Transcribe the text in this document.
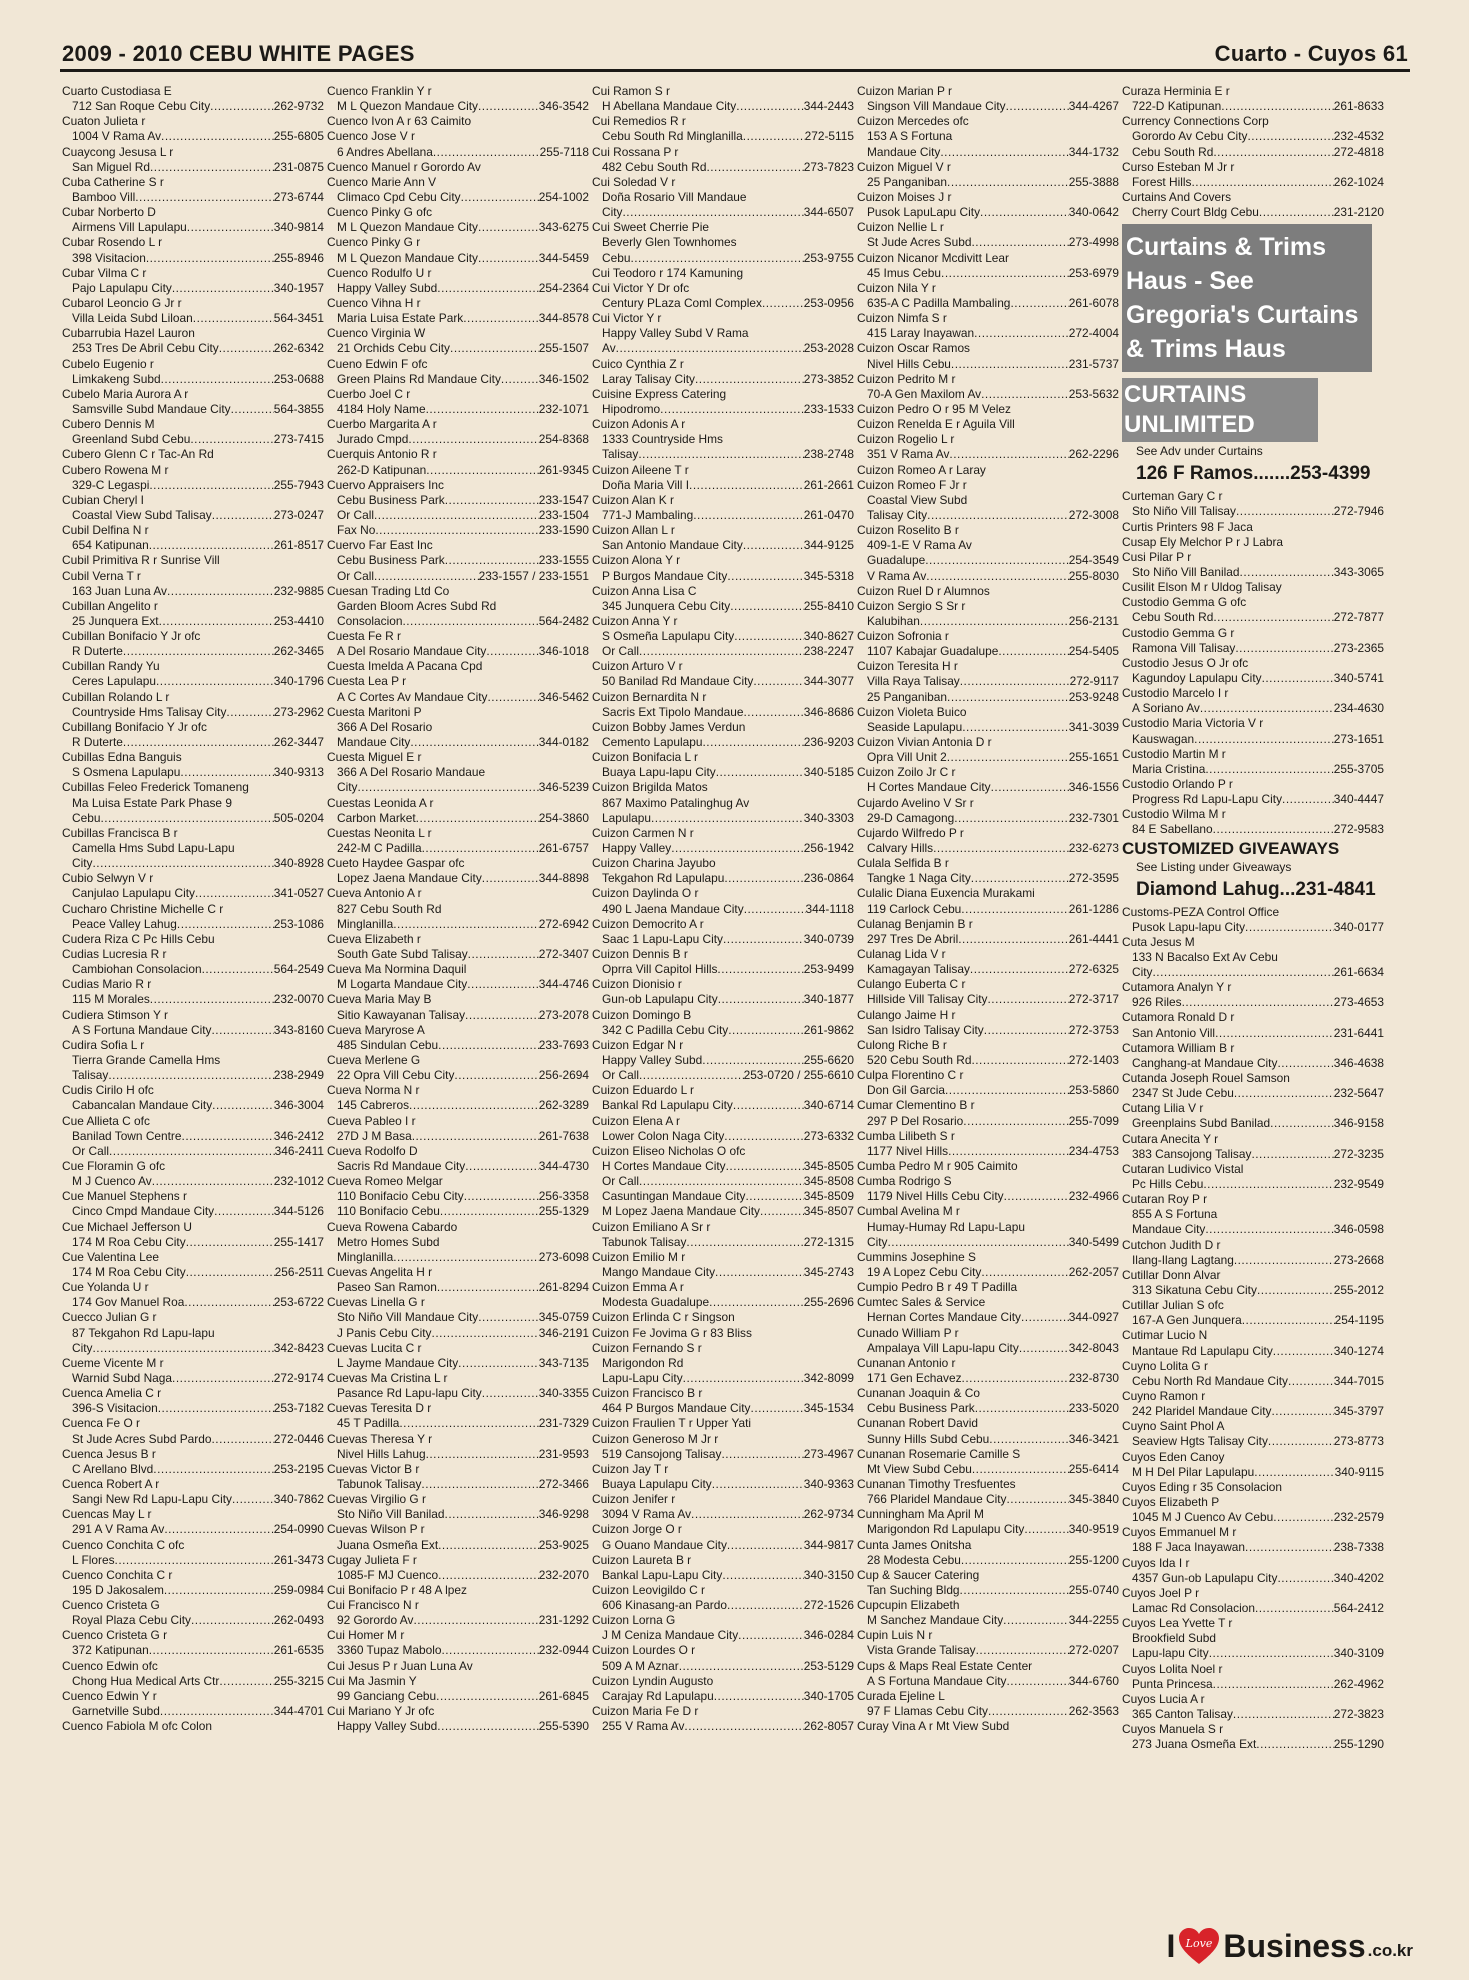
2009 - 2010 CEBU WHITE PAGES	Cuarto - Cuyos 61
Cuarto Custodiasa E
712 San Roque Cebu City .....	262-9732
Cuaton Julieta r
1004 V Rama Av .....	255-6805
Cuaycong Jesusa L r
San Miguel Rd .....	231-0875
Cuba Catherine S r
Bamboo Vill .....	273-6744
Cubar Norberto D
Airmens Vill Lapulapu .....	340-9814
Cubar Rosendo L r
398 Visitacion .....	255-8946
Cubar Vilma C r
Pajo Lapulapu City .....	340-1957
Cubarol Leoncio G Jr r
Villa Leida Subd Liloan .....	564-3451
Cubarrubia Hazel Lauron
253 Tres De Abril Cebu City .....	262-6342
Cubelo Eugenio r
Limkakeng Subd .....	253-0688
Cubelo Maria Aurora A r
Samsville Subd Mandaue City .....	564-3855
Cubero Dennis M
Greenland Subd Cebu .....	273-7415
Cubero Glenn C r Tac-An Rd
Cubero Rowena M r
329-C Legaspi .....	255-7943
Cubian Cheryl I
Coastal View Subd Talisay .....	273-0247
Cubil Delfina N r
654 Katipunan .....	261-8517
Cubil Primitiva R r Sunrise Vill
Cubil Verna T r
163 Juan Luna Av .....	232-9885
Cubillan Angelito r
25 Junquera Ext .....	253-4410
Cubillan Bonifacio Y Jr ofc
R Duterte .....	262-3465
Cubillan Randy Yu
Ceres Lapulapu .....	340-1796
Cubillan Rolando L r
Countryside Hms Talisay City .....	273-2962
Cubillang Bonifacio Y Jr ofc
R Duterte .....	262-3447
Cubillas Edna Banguis
S Osmena Lapulapu .....	340-9313
Cubillas Feleo Frederick Tomaneng
Ma Luisa Estate Park Phase 9
Cebu .....	505-0204
Cubillas Francisca B r
Camella Hms Subd Lapu-Lapu
City .....	340-8928
Cubio Selwyn V r
Canjulao Lapulapu City .....	341-0527
Cucharo Christine Michelle C r
Peace Valley Lahug .....	253-1086
Cudera Riza C Pc Hills Cebu
Cudias Lucresia R r
Cambiohan Consolacion .....	564-2549
Cudias Mario R r
115 M Morales .....	232-0070
Cudiera Stimson Y r
A S Fortuna Mandaue City .....	343-8160
Cudira Sofia L r
Tierra Grande Camella Hms
Talisay .....	238-2949
Cudis Cirilo H ofc
Cabancalan Mandaue City .....	346-3004
Cue Allieta C ofc
Banilad Town Centre .....	346-2412
Or Call .....	346-2411
Cue Floramin G ofc
M J Cuenco Av .....	232-1012
Cue Manuel Stephens r
Cinco Cmpd Mandaue City .....	344-5126
Cue Michael Jefferson U
174 M Roa Cebu City .....	255-1417
Cue Valentina Lee
174 M Roa Cebu City .....	256-2511
Cue Yolanda U r
174 Gov Manuel Roa .....	253-6722
Cuecco Julian G r
87 Tekgahon Rd Lapu-lapu
City .....	342-8423
Cueme Vicente M r
Warnid Subd Naga .....	272-9174
Cuenca Amelia C r
396-S Visitacion .....	253-7182
Cuenca Fe O r
St Jude Acres Subd Pardo .....	272-0446
Cuenca Jesus B r
C Arellano Blvd .....	253-2195
Cuenca Robert A r
Sangi New Rd Lapu-Lapu City .....	340-7862
Cuencas May L r
291 A V Rama Av .....	254-0990
Cuenco Conchita C ofc
L Flores .....	261-3473
Cuenco Conchita C r
195 D Jakosalem .....	259-0984
Cuenco Cristeta G
Royal Plaza Cebu City .....	262-0493
Cuenco Cristeta G r
372 Katipunan .....	261-6535
Cuenco Edwin ofc
Chong Hua Medical Arts Ctr .....	255-3215
Cuenco Edwin Y r
Garnetville Subd .....	344-4701
Cuenco Fabiola M ofc Colon
Cuenco Franklin Y r
M L Quezon Mandaue City .....	346-3542
Cuenco Ivon A r 63 Caimito
Cuenco Jose V r
6 Andres Abellana .....	255-7118
Cuenco Manuel r Gorordo Av
Cuenco Marie Ann V
Climaco Cpd Cebu City .....	254-1002
Cuenco Pinky G ofc
M L Quezon Mandaue City .....	343-6275
Cuenco Pinky G r
M L Quezon Mandaue City .....	344-5459
Cuenco Rodulfo U r
Happy Valley Subd .....	254-2364
Cuenco Vihna H r
Maria Luisa Estate Park .....	344-8578
Cuenco Virginia W
21 Orchids Cebu City .....	255-1507
Cueno Edwin F ofc
Green Plains Rd Mandaue City .....	346-1502
Cuerbo Joel C r
4184 Holy Name .....	232-1071
Cuerbo Margarita A r
Jurado Cmpd .....	254-8368
Cuerquis Antonio R r
262-D Katipunan .....	261-9345
Cuervo Appraisers Inc
Cebu Business Park .....	233-1547
Or Call .....	233-1504
Fax No .....	233-1590
Cuervo Far East Inc
Cebu Business Park .....	233-1555
Or Call .....	233-1557 / 233-1551
Cuesan Trading Ltd Co
Garden Bloom Acres Subd Rd
Consolacion .....	564-2482
Cuesta Fe R r
A Del Rosario Mandaue City .....	346-1018
Cuesta Imelda A Pacana Cpd
Cuesta Lea P r
A C Cortes Av Mandaue City .....	346-5462
Cuesta Maritoni P
366 A Del Rosario
Mandaue City .....	344-0182
Cuesta Miguel E r
366 A Del Rosario Mandaue
City .....	346-5239
Cuestas Leonida A r
Carbon Market .....	254-3860
Cuestas Neonita L r
242-M C Padilla .....	261-6757
Cueto Haydee Gaspar ofc
Lopez Jaena Mandaue City .....	344-8898
Cueva Antonio A r
827 Cebu South Rd
Minglanilla .....	272-6942
Cueva Elizabeth r
South Gate Subd Talisay .....	272-3407
Cueva Ma Normina Daquil
M Logarta Mandaue City .....	344-4746
Cueva Maria May B
Sitio Kawayanan Talisay .....	273-2078
Cueva Maryrose A
485 Sindulan Cebu .....	233-7693
Cueva Merlene G
22 Opra Vill Cebu City .....	256-2694
Cueva Norma N r
145 Cabreros .....	262-3289
Cueva Pableo I r
27D J M Basa .....	261-7638
Cueva Rodolfo D
Sacris Rd Mandaue City .....	344-4730
Cueva Romeo Melgar
110 Bonifacio Cebu City .....	256-3358
110 Bonifacio Cebu .....	255-1329
Cueva Rowena Cabardo
Metro Homes Subd
Minglanilla .....	273-6098
Cuevas Angelita H r
Paseo San Ramon .....	261-8294
Cuevas Linella G r
Sto Niño Vill Mandaue City .....	345-0759
J Panis Cebu City .....	346-2191
Cuevas Lucita C r
L Jayme Mandaue City .....	343-7135
Cuevas Ma Cristina L r
Pasance Rd Lapu-lapu City .....	340-3355
Cuevas Teresita D r
45 T Padilla .....	231-7329
Cuevas Theresa Y r
Nivel Hills Lahug .....	231-9593
Cuevas Victor B r
Tabunok Talisay .....	272-3466
Cuevas Virgilio G r
Sto Niño Vill Banilad .....	346-9298
Cuevas Wilson P r
Juana Osmeña Ext .....	253-9025
Cugay Julieta F r
1085-F MJ Cuenco .....	232-2070
Cui Bonifacio P r 48 A lpez
Cui Francisco N r
92 Gorordo Av .....	231-1292
Cui Homer M r
3360 Tupaz Mabolo .....	232-0944
Cui Jesus P r Juan Luna Av
Cui Ma Jasmin Y
99 Ganciang Cebu .....	261-6845
Cui Mariano Y Jr ofc
Happy Valley Subd .....	255-5390
Cui Ramon S r
H Abellana Mandaue City .....	344-2443
Cui Remedios R r
Cebu South Rd Minglanilla .....	272-5115
Cui Rossana P r
482 Cebu South Rd .....	273-7823
Cui Soledad V r
Doña Rosario Vill Mandaue
City .....	344-6507
Cui Sweet Cherrie Pie
Beverly Glen Townhomes
Cebu .....	253-9755
Cui Teodoro r 174 Kamuning
Cui Victor Y Dr ofc
Century PLaza Coml Complex .....	253-0956
Cui Victor Y r
Happy Valley Subd V Rama
Av .....	253-2028
Cuico Cynthia Z r
Laray Talisay City .....	273-3852
Cuisine Express Catering
Hipodromo .....	233-1533
Cuizon Adonis A r
1333 Countryside Hms
Talisay .....	238-2748
Cuizon Aileene T r
Doña Maria Vill I .....	261-2661
Cuizon Alan K r
771-J Mambaling .....	261-0470
Cuizon Allan L r
San Antonio Mandaue City .....	344-9125
Cuizon Alona Y r
P Burgos Mandaue City .....	345-5318
Cuizon Anna Lisa C
345 Junquera Cebu City .....	255-8410
Cuizon Anna Y r
S Osmeña Lapulapu City .....	340-8627
Or Call .....	238-2247
Cuizon Arturo V r
50 Banilad Rd Mandaue City .....	344-3077
Cuizon Bernardita N r
Sacris Ext Tipolo Mandaue .....	346-8686
Cuizon Bobby James Verdun
Cemento Lapulapu .....	236-9203
Cuizon Bonifacia L r
Buaya Lapu-lapu City .....	340-5185
Cuizon Brigilda Matos
867 Maximo Patalinghug Av
Lapulapu .....	340-3303
Cuizon Carmen N r
Happy Valley .....	256-1942
Cuizon Charina Jayubo
Tekgahon Rd Lapulapu .....	236-0864
Cuizon Daylinda O r
490 L Jaena Mandaue City .....	344-1118
Cuizon Democrito A r
Saac 1 Lapu-Lapu City .....	340-0739
Cuizon Dennis B r
Oprra Vill Capitol Hills .....	253-9499
Cuizon Dionisio r
Gun-ob Lapulapu City .....	340-1877
Cuizon Domingo B
342 C Padilla Cebu City .....	261-9862
Cuizon Edgar N r
Happy Valley Subd .....	255-6620
Or Call .....	253-0720 / 255-6610
Cuizon Eduardo L r
Bankal Rd Lapulapu City .....	340-6714
Cuizon Elena A r
Lower Colon Naga City .....	273-6332
Cuizon Eliseo Nicholas O ofc
H Cortes Mandaue City .....	345-8505
Or Call .....	345-8508
Casuntingan Mandaue City .....	345-8509
M Lopez Jaena Mandaue City .....	345-8507
Cuizon Emiliano A Sr r
Tabunok Talisay .....	272-1315
Cuizon Emilio M r
Mango Mandaue City .....	345-2743
Cuizon Emma A r
Modesta Guadalupe .....	255-2696
Cuizon Erlinda C r Singson
Cuizon Fe Jovima G r 83 Bliss
Cuizon Fernando S r
Marigondon Rd
Lapu-Lapu City .....	342-8099
Cuizon Francisco B r
464 P Burgos Mandaue City .....	345-1534
Cuizon Fraulien T r Upper Yati
Cuizon Generoso M Jr r
519 Cansojong Talisay .....	273-4967
Cuizon Jay T r
Buaya Lapulapu City .....	340-9363
Cuizon Jenifer r
3094 V Rama Av .....	262-9734
Cuizon Jorge O r
G Ouano Mandaue City .....	344-9817
Cuizon Laureta B r
Bankal Lapu-Lapu City .....	340-3150
Cuizon Leovigildo C r
606 Kinasang-an Pardo .....	272-1526
Cuizon Lorna G
J M Ceniza Mandaue City .....	346-0284
Cuizon Lourdes O r
509 A M Aznar .....	253-5129
Cuizon Lyndin Augusto
Carajay Rd Lapulapu .....	340-1705
Cuizon Maria Fe D r
255 V Rama Av .....	262-8057
Cuizon Marian P r
Singson Vill Mandaue City .....	344-4267
Cuizon Mercedes ofc
153 A S Fortuna
Mandaue City .....	344-1732
Cuizon Miguel V r
25 Panganiban .....	255-3888
Cuizon Moises J r
Pusok LapuLapu City .....	340-0642
Cuizon Nellie L r
St Jude Acres Subd .....	273-4998
Cuizon Nicanor Mcdivitt Lear
45 Imus Cebu .....	253-6979
Cuizon Nila Y r
635-A C Padilla Mambaling .....	261-6078
Cuizon Nimfa S r
415 Laray Inayawan .....	272-4004
Cuizon Oscar Ramos
Nivel Hills Cebu .....	231-5737
Cuizon Pedrito M r
70-A Gen Maxilom Av .....	253-5632
Cuizon Pedro O r 95 M Velez
Cuizon Renelda E r Aguila Vill
Cuizon Rogelio L r
351 V Rama Av .....	262-2296
Cuizon Romeo A r Laray
Cuizon Romeo F Jr r
Coastal View Subd
Talisay City .....	272-3008
Cuizon Roselito B r
409-1-E V Rama Av
Guadalupe .....	254-3549
V Rama Av .....	255-8030
Cuizon Ruel D r Alumnos
Cuizon Sergio S Sr r
Kalubihan .....	256-2131
Cuizon Sofronia r
1107 Kabajar Guadalupe .....	254-5405
Cuizon Teresita H r
Villa Raya Talisay .....	272-9117
25 Panganiban .....	253-9248
Cuizon Violeta Buico
Seaside Lapulapu .....	341-3039
Cuizon Vivian Antonia D r
Opra Vill Unit 2 .....	255-1651
Cuizon Zoilo Jr C r
H Cortes Mandaue City .....	346-1556
Cujardo Avelino V Sr r
29-D Camagong .....	232-7301
Cujardo Wilfredo P r
Calvary Hills .....	232-6273
Culala Selfida B r
Tangke 1 Naga City .....	272-3595
Culalic Diana Euxencia Murakami
119 Carlock Cebu .....	261-1286
Culanag Benjamin B r
297 Tres De Abril .....	261-4441
Culanag Lida V r
Kamagayan Talisay .....	272-6325
Culango Euberta C r
Hillside Vill Talisay City .....	272-3717
Culango Jaime H r
San Isidro Talisay City .....	272-3753
Culong Riche B r
520 Cebu South Rd .....	272-1403
Culpa Florentino C r
Don Gil Garcia .....	253-5860
Cumar Clementino B r
297 P Del Rosario .....	255-7099
Cumba Lilibeth S r
1177 Nivel Hills .....	234-4753
Cumba Pedro M r 905 Caimito
Cumba Rodrigo S
1179 Nivel Hills Cebu City .....	232-4966
Cumbal Avelina M r
Humay-Humay Rd Lapu-Lapu
City .....	340-5499
Cummins Josephine S
19 A Lopez Cebu City .....	262-2057
Cumpio Pedro B r 49 T Padilla
Cumtec Sales & Service
Hernan Cortes Mandaue City .....	344-0927
Cunado William P r
Ampalaya Vill Lapu-lapu City .....	342-8043
Cunanan Antonio r
171 Gen Echavez .....	232-8730
Cunanan Joaquin & Co
Cebu Business Park .....	233-5020
Cunanan Robert David
Sunny Hills Subd Cebu .....	346-3421
Cunanan Rosemarie Camille S
Mt View Subd Cebu .....	255-6414
Cunanan Timothy Tresfuentes
766 Plaridel Mandaue City .....	345-3840
Cunningham Ma April M
Marigondon Rd Lapulapu City .....	340-9519
Cunta James Onitsha
28 Modesta Cebu .....	255-1200
Cup & Saucer Catering
Tan Suching Bldg .....	255-0740
Cupcupin Elizabeth
M Sanchez Mandaue City .....	344-2255
Cupin Luis N r
Vista Grande Talisay .....	272-0207
Cups & Maps Real Estate Center
A S Fortuna Mandaue City .....	344-6760
Curada Ejeline L
97 F Llamas Cebu City .....	262-3563
Curay Vina A r Mt View Subd
Curaza Herminia E r
722-D Katipunan .....	261-8633
Currency Connections Corp
Gorordo Av Cebu City .....	232-4532
Cebu South Rd .....	272-4818
Curso Esteban M Jr r
Forest Hills .....	262-1024
Curtains And Covers
Cherry Court Bldg Cebu .....	231-2120
Curtains & Trims Haus - See Gregoria's Curtains & Trims Haus
CURTAINS UNLIMITED
See Adv under Curtains
126 F Ramos.......253-4399
Curteman Gary C r
Sto Niño Vill Talisay .....	272-7946
Curtis Printers 98 F Jaca
Cusap Ely Melchor P r J Labra
Cusi Pilar P r
Sto Niño Vill Banilad .....	343-3065
Cusilit Elson M r Uldog Talisay
Custodio Gemma G ofc
Cebu South Rd .....	272-7877
Custodio Gemma G r
Ramona Vill Talisay .....	273-2365
Custodio Jesus O Jr ofc
Kagundoy Lapulapu City .....	340-5741
Custodio Marcelo I r
A Soriano Av .....	234-4630
Custodio Maria Victoria V r
Kauswagan .....	273-1651
Custodio Martin M r
Maria Cristina .....	255-3705
Custodio Orlando P r
Progress Rd Lapu-Lapu City .....	340-4447
Custodio Wilma M r
84 E Sabellano .....	272-9583
CUSTOMIZED GIVEAWAYS
See Listing under Giveaways
Diamond Lahug...231-4841
Customs-PEZA Control Office
Pusok Lapu-lapu City .....	340-0177
Cuta Jesus M
133 N Bacalso Ext Av Cebu
City .....	261-6634
Cutamora Analyn Y r
926 Riles .....	273-4653
Cutamora Ronald D r
San Antonio Vill .....	231-6441
Cutamora William B r
Canghang-at Mandaue City .....	346-4638
Cutanda Joseph Rouel Samson
2347 St Jude Cebu .....	232-5647
Cutang Lilia V r
Greenplains Subd Banilad .....	346-9158
Cutara Anecita Y r
383 Cansojong Talisay .....	272-3235
Cutaran Ludivico Vistal
Pc Hills Cebu .....	232-9549
Cutaran Roy P r
855 A S Fortuna
Mandaue City .....	346-0598
Cutchon Judith D r
Ilang-Ilang Lagtang .....	273-2668
Cutillar Donn Alvar
313 Sikatuna Cebu City .....	255-2012
Cutillar Julian S ofc
167-A Gen Junquera .....	254-1195
Cutimar Lucio N
Mantaue Rd Lapulapu City .....	340-1274
Cuyno Lolita G r
Cebu North Rd Mandaue City .....	344-7015
Cuyno Ramon r
242 Plaridel Mandaue City .....	345-3797
Cuyno Saint Phol A
Seaview Hgts Talisay City .....	273-8773
Cuyos Eden Canoy
M H Del Pilar Lapulapu .....	340-9115
Cuyos Eding r 35 Consolacion
Cuyos Elizabeth P
1045 M J Cuenco Av Cebu .....	232-2579
Cuyos Emmanuel M r
188 F Jaca Inayawan .....	238-7338
Cuyos Ida I r
4357 Gun-ob Lapulapu City .....	340-4202
Cuyos Joel P r
Lamac Rd Consolacion .....	564-2412
Cuyos Lea Yvette T r
Brookfield Subd
Lapu-lapu City .....	340-3109
Cuyos Lolita Noel r
Punta Princesa .....	262-4962
Cuyos Lucia A r
365 Canton Talisay .....	272-3823
Cuyos Manuela S r
273 Juana Osmeña Ext .....	255-1290
I Love Business .co.kr
